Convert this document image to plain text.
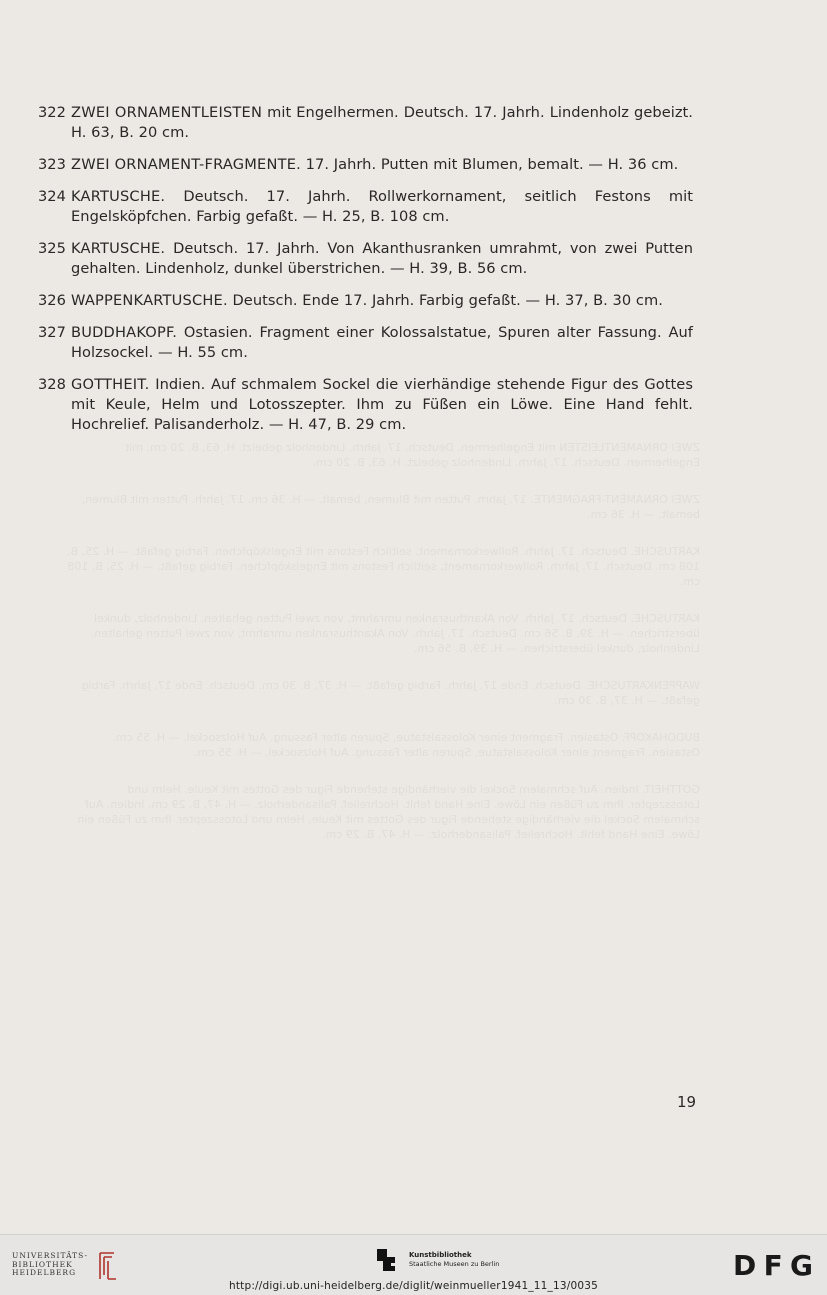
ZWEI ORNAMENTLEISTEN mit Engelhermen. Deutsch. 17. Jahrh. Lindenholz gebeizt. H. 63, B. 20 cm. mit Engelhermen. Deutsch. 17. Jahrh. Lindenholz gebeizt. H. 63, B. 20 cm.
ZWEI ORNAMENT-FRAGMENTE. 17. Jahrh. Putten mit Blumen, bemalt. — H. 36 cm. 17. Jahrh. Putten mit Blumen, bemalt. — H. 36 cm.
KARTUSCHE. Deutsch. 17. Jahrh. Rollwerkornament, seitlich Festons mit Engelsköpfchen. Farbig gefaßt. — H. 25, B. 108 cm. Deutsch. 17. Jahrh. Rollwerkornament, seitlich Festons mit Engelsköpfchen. Farbig gefaßt. — H. 25, B. 108 cm.
KARTUSCHE. Deutsch. 17. Jahrh. Von Akanthusranken umrahmt, von zwei Putten gehalten. Lindenholz, dunkel überstrichen. — H. 39, B. 56 cm. Deutsch. 17. Jahrh. Von Akanthusranken umrahmt, von zwei Putten gehalten. Lindenholz, dunkel überstrichen. — H. 39, B. 56 cm.
WAPPENKARTUSCHE. Deutsch. Ende 17. Jahrh. Farbig gefaßt. — H. 37, B. 30 cm. Deutsch. Ende 17. Jahrh. Farbig gefaßt. — H. 37, B. 30 cm.
BUDDHAKOPF. Ostasien. Fragment einer Kolossalstatue, Spuren alter Fassung. Auf Holzsockel. — H. 55 cm. Ostasien. Fragment einer Kolossalstatue, Spuren alter Fassung. Auf Holzsockel. — H. 55 cm.
GOTTHEIT. Indien. Auf schmalem Sockel die vierhändige stehende Figur des Gottes mit Keule, Helm und Lotosszepter. Ihm zu Füßen ein Löwe. Eine Hand fehlt. Hochrelief. Palisanderholz. — H. 47, B. 29 cm. Indien. Auf schmalem Sockel die vierhändige stehende Figur des Gottes mit Keule, Helm und Lotosszepter. Ihm zu Füßen ein Löwe. Eine Hand fehlt. Hochrelief. Palisanderholz. — H. 47, B. 29 cm.
322 ZWEI ORNAMENTLEISTEN mit Engelhermen. Deutsch. 17. Jahrh. Lindenholz gebeizt. H. 63, B. 20 cm.
323 ZWEI ORNAMENT-FRAGMENTE. 17. Jahrh. Putten mit Blumen, bemalt. — H. 36 cm.
324 KARTUSCHE. Deutsch. 17. Jahrh. Rollwerkornament, seitlich Festons mit Engelsköpfchen. Farbig gefaßt. — H. 25, B. 108 cm.
325 KARTUSCHE. Deutsch. 17. Jahrh. Von Akanthusranken umrahmt, von zwei Putten gehalten. Lindenholz, dunkel überstrichen. — H. 39, B. 56 cm.
326 WAPPENKARTUSCHE. Deutsch. Ende 17. Jahrh. Farbig gefaßt. — H. 37, B. 30 cm.
327 BUDDHAKOPF. Ostasien. Fragment einer Kolossalstatue, Spuren alter Fassung. Auf Holzsockel. — H. 55 cm.
328 GOTTHEIT. Indien. Auf schmalem Sockel die vierhändige stehende Figur des Gottes mit Keule, Helm und Lotosszepter. Ihm zu Füßen ein Löwe. Eine Hand fehlt. Hochrelief. Palisanderholz. — H. 47, B. 29 cm.
19
UNIVERSITÄTS-
BIBLIOTHEK
HEIDELBERG
Kunstbibliothek
Staatliche Museen zu Berlin	DFG
http://digi.ub.uni-heidelberg.de/diglit/weinmueller1941_11_13/0035
